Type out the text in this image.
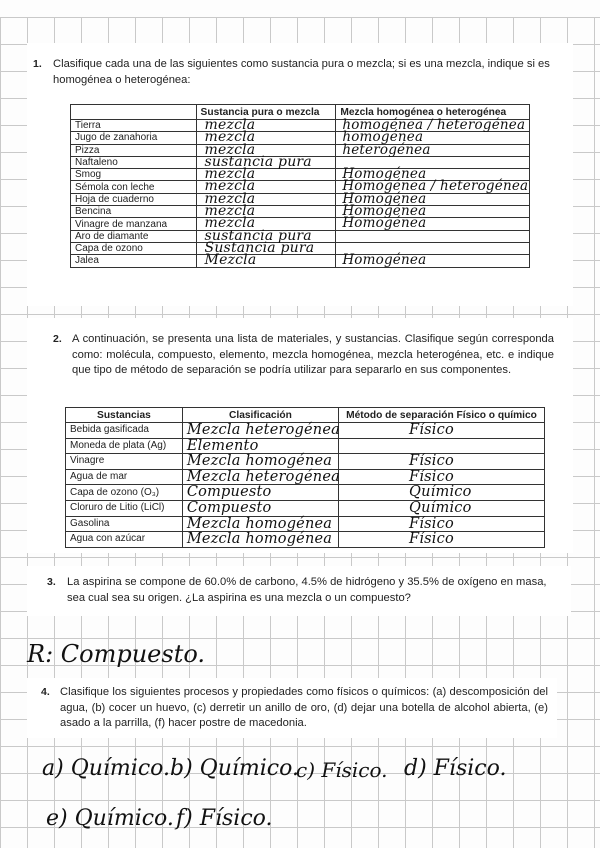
1. Clasifique cada una de las siguientes como sustancia pura o mezcla; si es una mezcla, indique si es homogénea o heterogénea:
	Sustancia pura o mezcla	Mezcla homogénea o heterogénea
Tierra	mezcla	homogénea / heterogénea

Jugo de zanahoria	mezcla	homogénea

Pizza	mezcla	heterogénea

Naftaleno	sustancia pura	

Smog	mezcla	Homogénea

Sémola con leche	mezcla	Homogénea / heterogénea

Hoja de cuaderno	mezcla	Homogénea

Bencina	mezcla	Homogénea

Vinagre de manzana	mezcla	Homogénea

Aro de diamante	sustancia pura	

Capa de ozono	Sustancia pura	

Jalea	Mezcla	Homogénea
2. A continuación, se presenta una lista de materiales, y sustancias. Clasifique según corresponda como: molécula, compuesto, elemento, mezcla homogénea, mezcla heterogénea, etc. e indique que tipo de método de separación se podría utilizar para separarlo en sus componentes.
Sustancias	Clasificación	Método de separación Físico o químico
Bebida gasificada	Mezcla heterogénea	Físico

Moneda de plata (Ag)	Elemento	

Vinagre	Mezcla homogénea	Físico

Agua de mar	Mezcla heterogénea	Físico

Capa de ozono (O₃)	Compuesto	Químico

Cloruro de Litio (LiCl)	Compuesto	Químico

Gasolina	Mezcla homogénea	Físico

Agua con azúcar	Mezcla homogénea	Físico
3. La aspirina se compone de 60.0% de carbono, 4.5% de hidrógeno y 35.5% de oxígeno en masa, sea cual sea su origen. ¿La aspirina es una mezcla o un compuesto?
R: Compuesto.
4. Clasifique los siguientes procesos y propiedades como físicos o químicos: (a) descomposición del agua, (b) cocer un huevo, (c) derretir un anillo de oro, (d) dejar una botella de alcohol abierta, (e) asado a la parrilla, (f) hacer postre de macedonia.
a) Químico. b) Químico.
c) Físico. d) Físico.
e) Químico. f) Físico.
